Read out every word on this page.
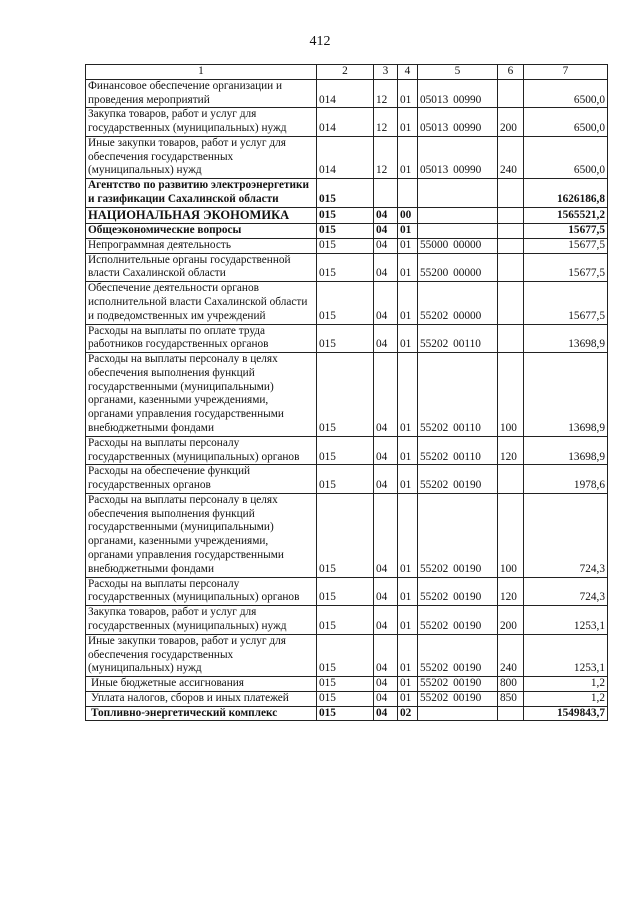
412
1	2	3	4	5	6	7
Финансовое обеспечение организации и проведения мероприятий	014	12	01	05013 00990		6500,0
Закупка товаров, работ и услуг для государственных (муниципальных) нужд	014	12	01	05013 00990	200	6500,0
Иные закупки товаров, работ и услуг для обеспечения государственных (муниципальных) нужд	014	12	01	05013 00990	240	6500,0
Агентство по развитию электроэнергетики и газификации Сахалинской области	015					1626186,8
НАЦИОНАЛЬНАЯ ЭКОНОМИКА	015	04	00			1565521,2
Общеэкономические вопросы	015	04	01			15677,5
Непрограммная деятельность	015	04	01	55000 00000		15677,5
Исполнительные органы государственной власти Сахалинской области	015	04	01	55200 00000		15677,5
Обеспечение деятельности органов исполнительной власти Сахалинской области и подведомственных им учреждений	015	04	01	55202 00000		15677,5
Расходы на выплаты по оплате труда работников государственных органов	015	04	01	55202 00110		13698,9
Расходы на выплаты персоналу в целях обеспечения выполнения функций государственными (муниципальными) органами, казенными учреждениями, органами управления государственными внебюджетными фондами	015	04	01	55202 00110	100	13698,9
Расходы на выплаты персоналу государственных (муниципальных) органов	015	04	01	55202 00110	120	13698,9
Расходы на обеспечение функций государственных органов	015	04	01	55202 00190		1978,6
Расходы на выплаты персоналу в целях обеспечения выполнения функций государственными (муниципальными) органами, казенными учреждениями, органами управления государственными внебюджетными фондами	015	04	01	55202 00190	100	724,3
Расходы на выплаты персоналу государственных (муниципальных) органов	015	04	01	55202 00190	120	724,3
Закупка товаров, работ и услуг для государственных (муниципальных) нужд	015	04	01	55202 00190	200	1253,1
Иные закупки товаров, работ и услуг для обеспечения государственных (муниципальных) нужд	015	04	01	55202 00190	240	1253,1
Иные бюджетные ассигнования	015	04	01	55202 00190	800	1,2
Уплата налогов, сборов и иных платежей	015	04	01	55202 00190	850	1,2
Топливно-энергетический комплекс	015	04	02			1549843,7
